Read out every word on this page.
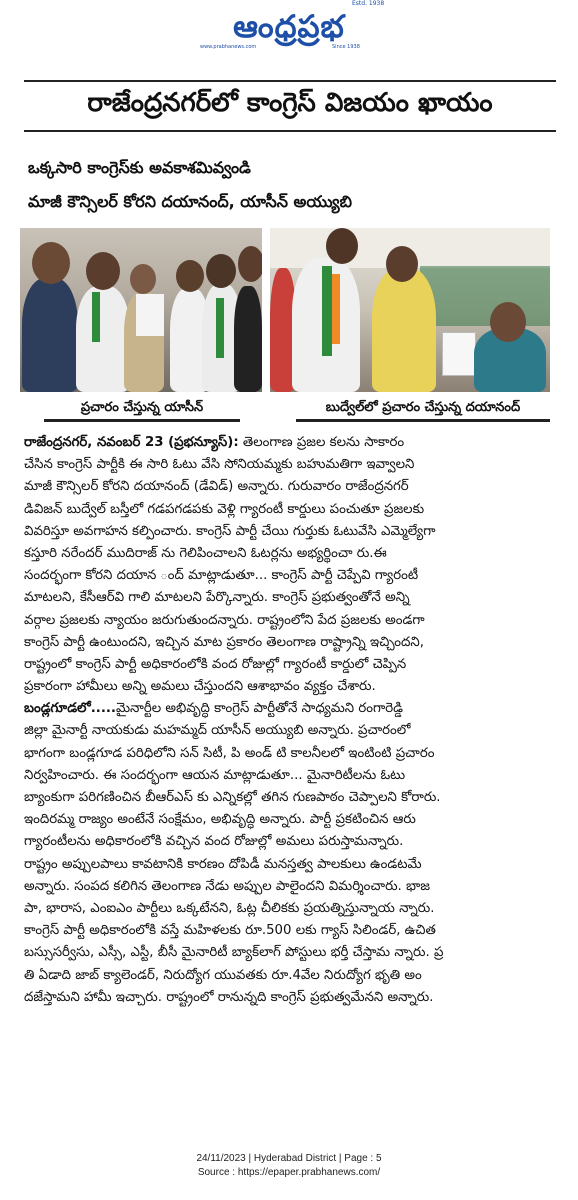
ఆంధ్రప్రభ
Estd. 1938
www.prabhanews.com	Since 1938
రాజేంద్రనగర్‌లో కాంగ్రెస్ విజయం ఖాయం
ఒక్కసారి కాంగ్రెస్‌కు అవకాశమివ్వండి
మాజీ కౌన్సిలర్ కోరని దయానంద్, యాసీన్ అయ్యుబి
ప్రచారం చేస్తున్న యాసీన్	బుద్వేల్‌లో ప్రచారం చేస్తున్న దయానంద్
రాజేంద్రనగర్, నవంబర్ 23 (ప్రభన్యూస్): తెలంగాణ ప్రజల కలను సాకారం
చేసిన కాంగ్రెస్ పార్టీకి ఈ సారి ఓటు వేసి సోనియమ్మకు బహుమతిగా ఇవ్వాలని
మాజీ కౌన్సిలర్ కోరని దయానంద్ (డేవిడ్) అన్నారు. గురువారం రాజేంద్రనగర్
డివిజన్ బుద్వేల్ బస్తీలో గడపగడపకు వెళ్లి గ్యారంటీ కార్డులు పంచుతూ ప్రజలకు
వివరిస్తూ అవగాహన కల్పించారు. కాంగ్రెస్ పార్టీ చేయి గుర్తుకు ఓటువేసి ఎమ్మెల్యేగా
కస్తూరి నరేందర్ ముదిరాజ్ ను గెలిపించాలని ఓటర్లను అభ్యర్థించా రు.ఈ
సందర్భంగా కోరని దయాన ంద్ మాట్లాడుతూ... కాంగ్రెస్ పార్టీ చెప్పేవి గ్యారంటీ
మాటలని, కేసీఆర్‌వి గాలి మాటలని పేర్కొన్నారు. కాంగ్రెస్ ప్రభుత్వంతోనే అన్ని
వర్గాల ప్రజలకు న్యాయం జరుగుతుందన్నారు. రాష్ట్రంలోని పేద ప్రజలకు అండగా
కాంగ్రెస్ పార్టీ ఉంటుందని, ఇచ్చిన మాట ప్రకారం తెలంగాణ రాష్ట్రాన్ని ఇచ్చిందని,
రాష్ట్రంలో కాంగ్రెస్ పార్టీ అధికారంలోకి వంద రోజుల్లో గ్యారంటీ కార్డులో చెప్పిన
ప్రకారంగా హామీలు అన్ని అమలు చేస్తుందని ఆశాభావం వ్యక్తం చేశారు.
బండ్లగూడలో.....మైనార్టీల అభివృద్ధి కాంగ్రెస్ పార్టీతోనే సాధ్యమని రంగారెడ్డి
జిల్లా మైనార్టీ నాయకుడు మహమ్మద్ యాసీన్ అయ్యుబి అన్నారు. ప్రచారంలో
భాగంగా బండ్లగూడ పరిధిలోని సన్ సిటీ, పి అండ్ టి కాలనీలలో ఇంటింటి ప్రచారం
నిర్వహించారు. ఈ సందర్భంగా ఆయన మాట్లాడుతూ... మైనారిటీలను ఓటు
బ్యాంకుగా పరిగణించిన బీఆర్ఎస్ కు ఎన్నికల్లో తగిన గుణపాఠం చెప్పాలని కోరారు.
ఇందిరమ్మ రాజ్యం అంటేనే సంక్షేమం, అభివృద్ధి అన్నారు. పార్టీ ప్రకటించిన ఆరు
గ్యారంటీలను అధికారంలోకి వచ్చిన వంద రోజుల్లో అమలు పరుస్తామన్నారు.
రాష్ట్రం అప్పులపాలు కావటానికి కారణం దోపిడీ మనస్తత్వ పాలకులు ఉండటమే
అన్నారు. సంపద కలిగిన తెలంగాణ నేడు అప్పుల పాలైందని విమర్శించారు. భాజ
పా, భారాస, ఎంఐఎం పార్టీలు ఒక్కటేనని, ఓట్ల చీలికకు ప్రయత్నిస్తున్నాయ న్నారు.
కాంగ్రెస్ పార్టీ అధికారంలోకి వస్తే మహిళలకు రూ.500 లకు గ్యాస్ సిలిండర్, ఉచిత
బస్సుసర్వీసు, ఎస్సీ, ఎస్టీ, బీసీ మైనారిటీ బ్యాక్‌లాగ్ పోస్టులు భర్తీ చేస్తామ న్నారు. ప్ర
తి ఏడాది జాబ్ క్యాలెండర్, నిరుద్యోగ యువతకు రూ.4వేల నిరుద్యోగ భృతి అం
దజేస్తామని హామీ ఇచ్చారు. రాష్ట్రంలో రానున్నది కాంగ్రెస్ ప్రభుత్వమేనని అన్నారు.
24/11/2023 | Hyderabad District | Page : 5
Source : https://epaper.prabhanews.com/
